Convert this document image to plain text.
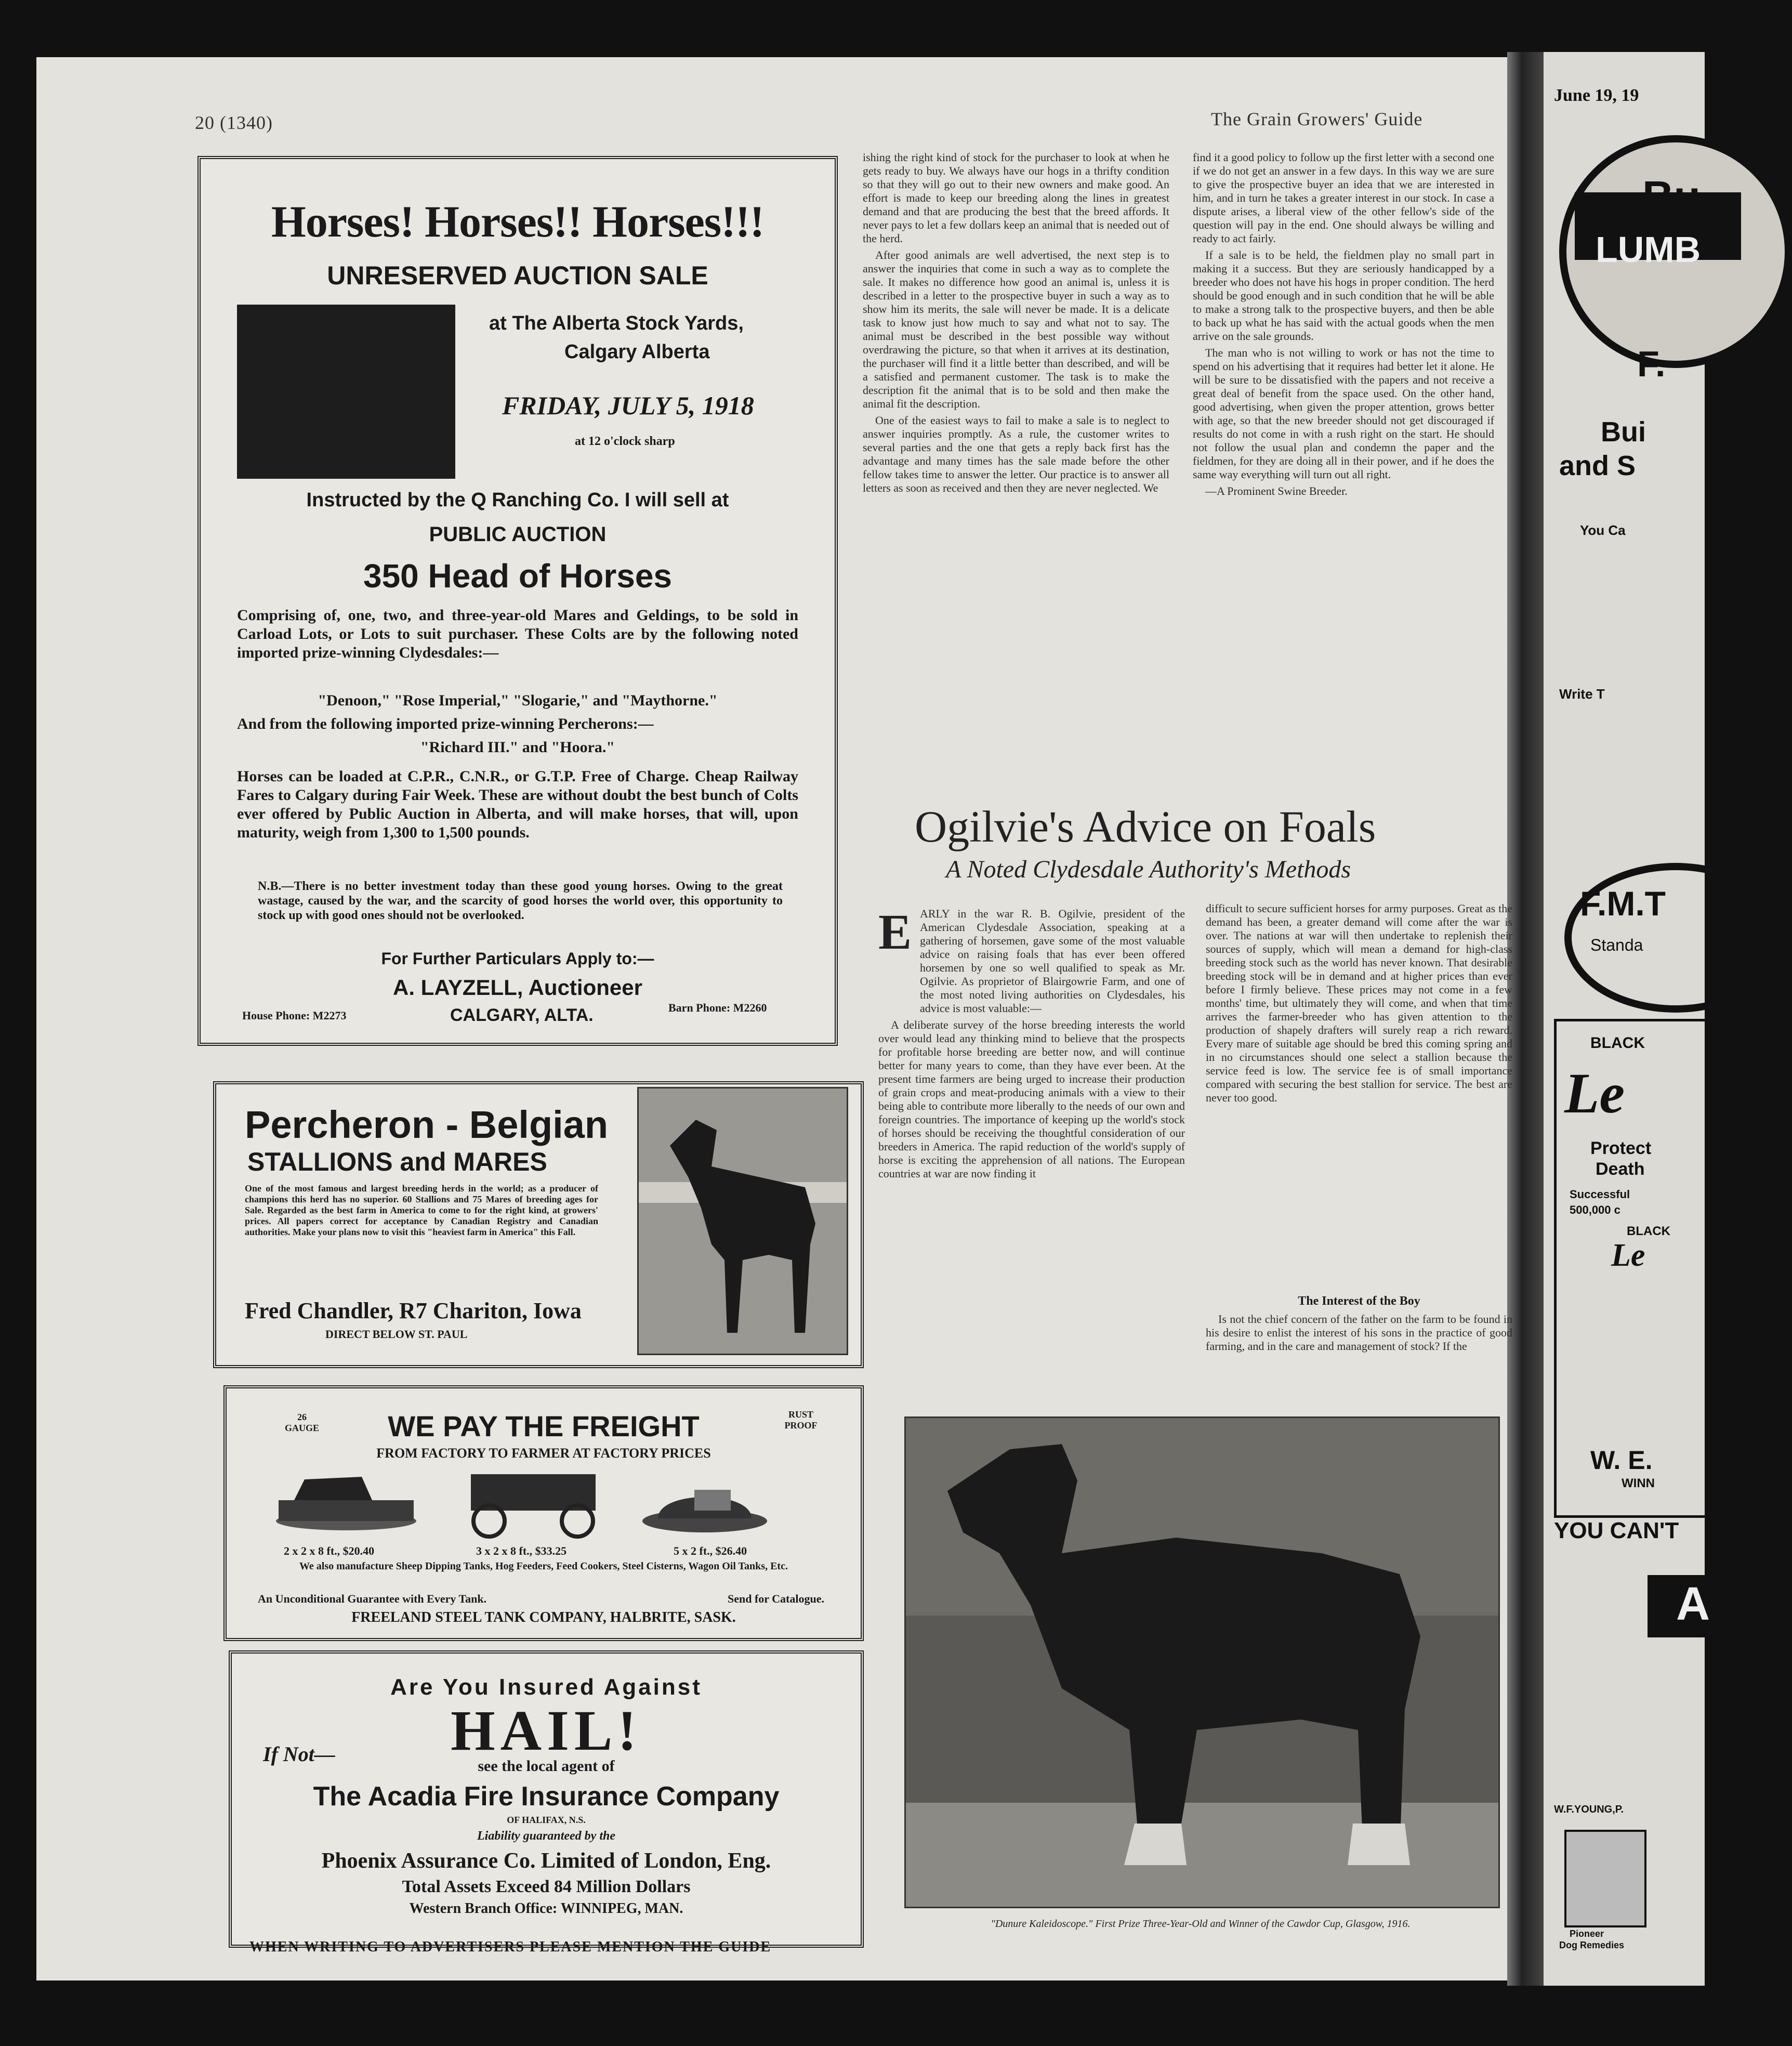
20 (1340)	The Grain Growers' Guide
Horses! Horses!! Horses!!!
UNRESERVED AUCTION SALE
at The Alberta Stock Yards,
Calgary Alberta
FRIDAY, JULY 5, 1918
at 12 o'clock sharp
Instructed by the Q Ranching Co. I will sell at
PUBLIC AUCTION
350 Head of Horses
Comprising of, one, two, and three-year-old Mares and Geldings, to be sold in Carload Lots, or Lots to suit purchaser. These Colts are by the following noted imported prize-winning Clydesdales:—
"Denoon," "Rose Imperial," "Slogarie," and "Maythorne."
And from the following imported prize-winning Percherons:—
"Richard III." and "Hoora."
Horses can be loaded at C.P.R., C.N.R., or G.T.P. Free of Charge. Cheap Railway Fares to Calgary during Fair Week. These are without doubt the best bunch of Colts ever offered by Public Auction in Alberta, and will make horses, that will, upon maturity, weigh from 1,300 to 1,500 pounds.
N.B.—There is no better investment today than these good young horses. Owing to the great wastage, caused by the war, and the scarcity of good horses the world over, this opportunity to stock up with good ones should not be overlooked.
For Further Particulars Apply to:—
A. LAYZELL, Auctioneer
House Phone: M2273	CALGARY, ALTA.	Barn Phone: M2260
Percheron - Belgian
STALLIONS and MARES
One of the most famous and largest breeding herds in the world; as a producer of champions this herd has no superior. 60 Stallions and 75 Mares of breeding ages for Sale. Regarded as the best farm in America to come to for the right kind, at growers' prices. All papers correct for acceptance by Canadian Registry and Canadian authorities. Make your plans now to visit this "heaviest farm in America" this Fall.
Fred Chandler, R7 Chariton, Iowa
DIRECT BELOW ST. PAUL
26 GAUGE
RUST PROOF
WE PAY THE FREIGHT
FROM FACTORY TO FARMER AT FACTORY PRICES
2 x 2 x 8 ft., $20.40	3 x 2 x 8 ft., $33.25	5 x 2 ft., $26.40
We also manufacture Sheep Dipping Tanks, Hog Feeders, Feed Cookers, Steel Cisterns, Wagon Oil Tanks, Etc.
An Unconditional Guarantee with Every Tank.	Send for Catalogue.
FREELAND STEEL TANK COMPANY, HALBRITE, SASK.
Are You Insured Against
If Not—	HAIL!
see the local agent of
The Acadia Fire Insurance Company
OF HALIFAX, N.S.
Liability guaranteed by the
Phoenix Assurance Co. Limited of London, Eng.
Total Assets Exceed 84 Million Dollars
Western Branch Office: WINNIPEG, MAN.
WHEN WRITING TO ADVERTISERS PLEASE MENTION THE GUIDE

ishing the right kind of stock for the purchaser to look at when he gets ready to buy. We always have our hogs in a thrifty condition so that they will go out to their new owners and make good. An effort is made to keep our breeding along the lines in greatest demand and that are producing the best that the breed affords. It never pays to let a few dollars keep an animal that is needed out of the herd.

After good animals are well advertised, the next step is to answer the inquiries that come in such a way as to complete the sale. It makes no difference how good an animal is, unless it is described in a letter to the prospective buyer in such a way as to show him its merits, the sale will never be made. It is a delicate task to know just how much to say and what not to say. The animal must be described in the best possible way without overdrawing the picture, so that when it arrives at its destination, the purchaser will find it a little better than described, and will be a satisfied and permanent customer. The task is to make the description fit the animal that is to be sold and then make the animal fit the description.

One of the easiest ways to fail to make a sale is to neglect to answer inquiries promptly. As a rule, the customer writes to several parties and the one that gets a reply back first has the advantage and many times has the sale made before the other fellow takes time to answer the letter. Our practice is to answer all letters as soon as received and then they are never neglected. We

find it a good policy to follow up the first letter with a second one if we do not get an answer in a few days. In this way we are sure to give the prospective buyer an idea that we are interested in him, and in turn he takes a greater interest in our stock. In case a dispute arises, a liberal view of the other fellow's side of the question will pay in the end. One should always be willing and ready to act fairly.

If a sale is to be held, the fieldmen play no small part in making it a success. But they are seriously handicapped by a breeder who does not have his hogs in proper condition. The herd should be good enough and in such condition that he will be able to make a strong talk to the prospective buyers, and then be able to back up what he has said with the actual goods when the men arrive on the sale grounds.

The man who is not willing to work or has not the time to spend on his advertising that it requires had better let it alone. He will be sure to be dissatisfied with the papers and not receive a great deal of benefit from the space used. On the other hand, good advertising, when given the proper attention, grows better with age, so that the new breeder should not get discouraged if results do not come in with a rush right on the start. He should not follow the usual plan and condemn the paper and the fieldmen, for they are doing all in their power, and if he does the same way everything will turn out all right.

—A Prominent Swine Breeder.

Ogilvie's Advice on Foals
A Noted Clydesdale Authority's Methods
E ARLY in the war R. B. Ogilvie, president of the American Clydesdale Association, speaking at a gathering of horsemen, gave some of the most valuable advice on raising foals that has ever been offered horsemen by one so well qualified to speak as Mr. Ogilvie. As proprietor of Blairgowrie Farm, and one of the most noted living authorities on Clydesdales, his advice is most valuable:—

A deliberate survey of the horse breeding interests the world over would lead any thinking mind to believe that the prospects for profitable horse breeding are better now, and will continue better for many years to come, than they have ever been. At the present time farmers are being urged to increase their production of grain crops and meat-producing animals with a view to their being able to contribute more liberally to the needs of our own and foreign countries. The importance of keeping up the world's stock of horses should be receiving the thoughtful consideration of our breeders in America. The rapid reduction of the world's supply of horse is exciting the apprehension of all nations. The European countries at war are now finding it

difficult to secure sufficient horses for army purposes. Great as the demand has been, a greater demand will come after the war is over. The nations at war will then undertake to replenish their sources of supply, which will mean a demand for high-class breeding stock such as the world has never known. That desirable breeding stock will be in demand and at higher prices than ever before I firmly believe. These prices may not come in a few months' time, but ultimately they will come, and when that time arrives the farmer-breeder who has given attention to the production of shapely drafters will surely reap a rich reward. Every mare of suitable age should be bred this coming spring and in no circumstances should one select a stallion because the service feed is low. The service fee is of small importance compared with securing the best stallion for service. The best are never too good.

The Interest of the Boy

Is not the chief concern of the father on the farm to be found in his desire to enlist the interest of his sons in the practice of good farming, and in the care and management of stock? If the

"Dunure Kaleidoscope." First Prize Three-Year-Old and Winner of the Cawdor Cup, Glasgow, 1916.
June 19, 19
Bu
LUMB
F.
Bui
and S
You Ca
Write T
F.M.T
Standa
BLACK
Le
Protect
Death
Successful
500,000 c
BLACK
Le
W. E.
WINN
YOU CAN'T
A
W.F.YOUNG,P.
Pioneer
Dog Remedies
